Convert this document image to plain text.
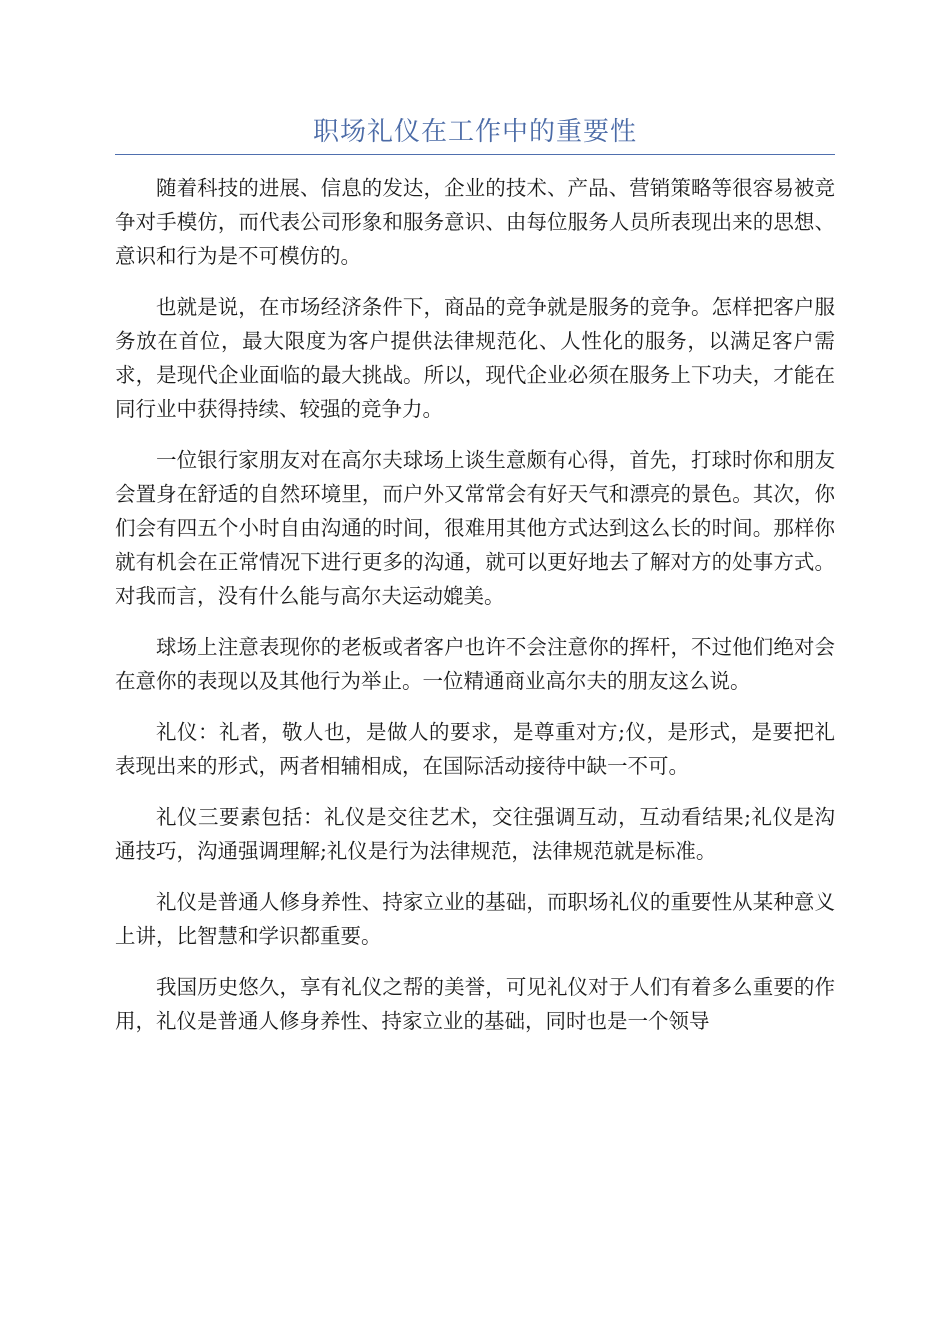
职场礼仪在工作中的重要性

随着科技的进展、信息的发达，企业的技术、产品、营销策略等很容易被竞争对手模仿，而代表公司形象和服务意识、由每位服务人员所表现出来的思想、意识和行为是不可模仿的。

也就是说，在市场经济条件下，商品的竞争就是服务的竞争。怎样把客户服务放在首位，最大限度为客户提供法律规范化、人性化的服务，以满足客户需求，是现代企业面临的最大挑战。所以，现代企业必须在服务上下功夫，才能在同行业中获得持续、较强的竞争力。

一位银行家朋友对在高尔夫球场上谈生意颇有心得，首先，打球时你和朋友会置身在舒适的自然环境里，而户外又常常会有好天气和漂亮的景色。其次，你们会有四五个小时自由沟通的时间，很难用其他方式达到这么长的时间。那样你就有机会在正常情况下进行更多的沟通，就可以更好地去了解对方的处事方式。对我而言，没有什么能与高尔夫运动媲美。

球场上注意表现你的老板或者客户也许不会注意你的挥杆，不过他们绝对会在意你的表现以及其他行为举止。一位精通商业高尔夫的朋友这么说。

礼仪：礼者，敬人也，是做人的要求，是尊重对方;仪，是形式，是要把礼表现出来的形式，两者相辅相成，在国际活动接待中缺一不可。

礼仪三要素包括：礼仪是交往艺术，交往强调互动，互动看结果;礼仪是沟通技巧，沟通强调理解;礼仪是行为法律规范，法律规范就是标准。

礼仪是普通人修身养性、持家立业的基础，而职场礼仪的重要性从某种意义上讲，比智慧和学识都重要。

我国历史悠久，享有礼仪之帮的美誉，可见礼仪对于人们有着多么重要的作用，礼仪是普通人修身养性、持家立业的基础，同时也是一个领导
